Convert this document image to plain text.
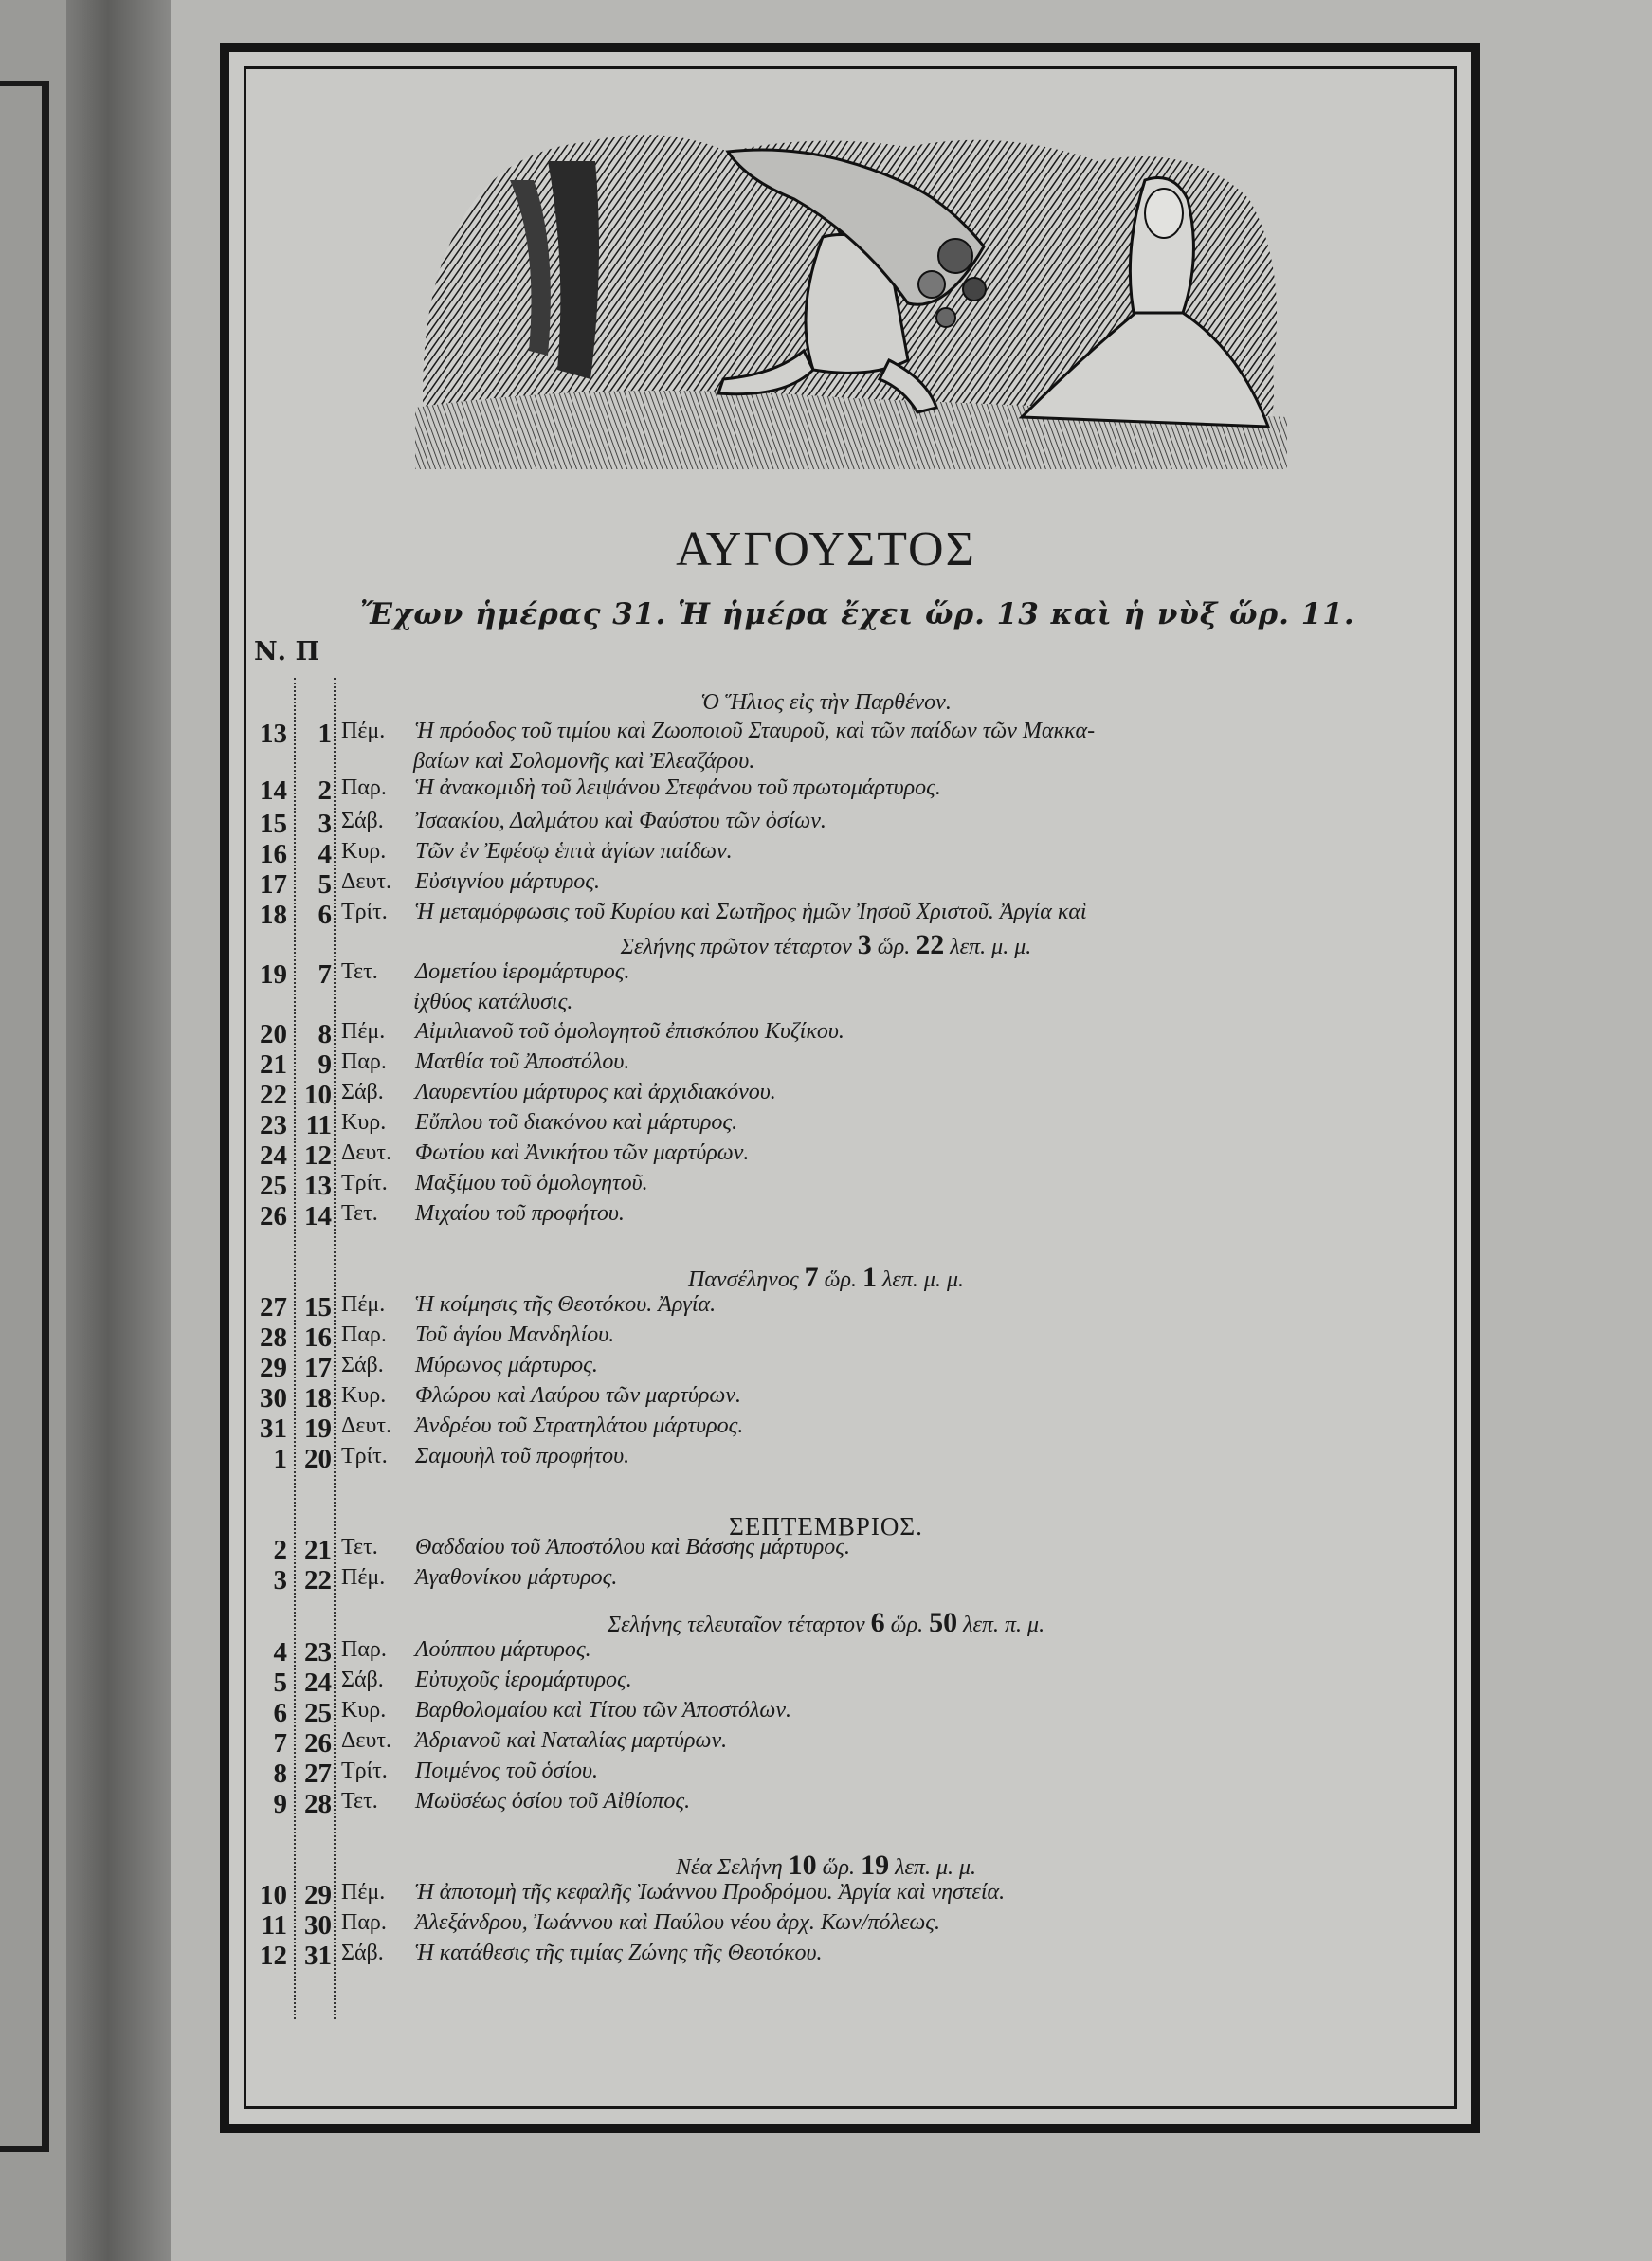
ΑΥΓΟΥΣΤΟΣ
Ἔχων ἡμέρας 31. Ἡ ἡμέρα ἔχει ὥρ. 13 καὶ ἡ νὺξ ὥρ. 11.
Ν. Π
Ὁ Ἥλιος εἰς τὴν Παρθένον.
13	1 Πέμ. Ἡ πρόοδος τοῦ τιμίου καὶ Ζωοποιοῦ Σταυροῦ, καὶ τῶν παίδων τῶν Μακκα-
βαίων καὶ Σολομονῆς καὶ Ἐλεαζάρου.
14	2 Παρ. Ἡ ἀνακομιδὴ τοῦ λειψάνου Στεφάνου τοῦ πρωτομάρτυρος.
15	3 Σάβ. Ἰσαακίου, Δαλμάτου καὶ Φαύστου τῶν ὁσίων.
16	4 Κυρ. Τῶν ἐν Ἐφέσῳ ἑπτὰ ἁγίων παίδων.
17	5 Δευτ. Εὐσιγνίου μάρτυρος.
18	6 Τρίτ. Ἡ μεταμόρφωσις τοῦ Κυρίου καὶ Σωτῆρος ἡμῶν Ἰησοῦ Χριστοῦ. Ἀργία καὶ
ἰχθύος κατάλυσις.
19	7 Τετ. Δομετίου ἱερομάρτυρος.
20	8 Πέμ. Αἰμιλιανοῦ τοῦ ὁμολογητοῦ ἐπισκόπου Κυζίκου.
21	9 Παρ. Ματθία τοῦ Ἀποστόλου.
22 10 Σάβ. Λαυρεντίου μάρτυρος καὶ ἀρχιδιακόνου.
23 11 Κυρ. Εὔπλου τοῦ διακόνου καὶ μάρτυρος.
24 12 Δευτ. Φωτίου καὶ Ἀνικήτου τῶν μαρτύρων.
25 13 Τρίτ. Μαξίμου τοῦ ὁμολογητοῦ.
26 14 Τετ. Μιχαίου τοῦ προφήτου.
27 15 Πέμ. Ἡ κοίμησις τῆς Θεοτόκου. Ἀργία.
28 16 Παρ. Τοῦ ἁγίου Μανδηλίου.
29 17 Σάβ. Μύρωνος μάρτυρος.
30 18 Κυρ. Φλώρου καὶ Λαύρου τῶν μαρτύρων.
31 19 Δευτ. Ἀνδρέου τοῦ Στρατηλάτου μάρτυρος.
1 20 Τρίτ. Σαμουὴλ τοῦ προφήτου.
2 21 Τετ. Θαδδαίου τοῦ Ἀποστόλου καὶ Βάσσης μάρτυρος.
3 22 Πέμ. Ἀγαθονίκου μάρτυρος.
4 23 Παρ. Λούππου μάρτυρος.
5 24 Σάβ. Εὐτυχοῦς ἱερομάρτυρος.
6 25 Κυρ. Βαρθολομαίου καὶ Τίτου τῶν Ἀποστόλων.
7 26 Δευτ. Ἀδριανοῦ καὶ Ναταλίας μαρτύρων.
8 27 Τρίτ. Ποιμένος τοῦ ὁσίου.
9 28 Τετ. Μωϋσέως ὁσίου τοῦ Αἰθίοπος.
10 29 Πέμ. Ἡ ἀποτομὴ τῆς κεφαλῆς Ἰωάννου Προδρόμου. Ἀργία καὶ νηστεία.
11 30 Παρ. Ἀλεξάνδρου, Ἰωάννου καὶ Παύλου νέου ἀρχ. Κων/πόλεως.
12 31 Σάβ. Ἡ κατάθεσις τῆς τιμίας Ζώνης τῆς Θεοτόκου.
Σελήνης πρῶτον τέταρτον 3 ὥρ. 22 λεπ. μ. μ.
Πανσέληνος 7 ὥρ. 1 λεπ. μ. μ.
Σελήνης τελευταῖον τέταρτον 6 ὥρ. 50 λεπ. π. μ.
Νέα Σελήνη 10 ὥρ. 19 λεπ. μ. μ.
ΣΕΠΤΕΜΒΡΙΟΣ.
